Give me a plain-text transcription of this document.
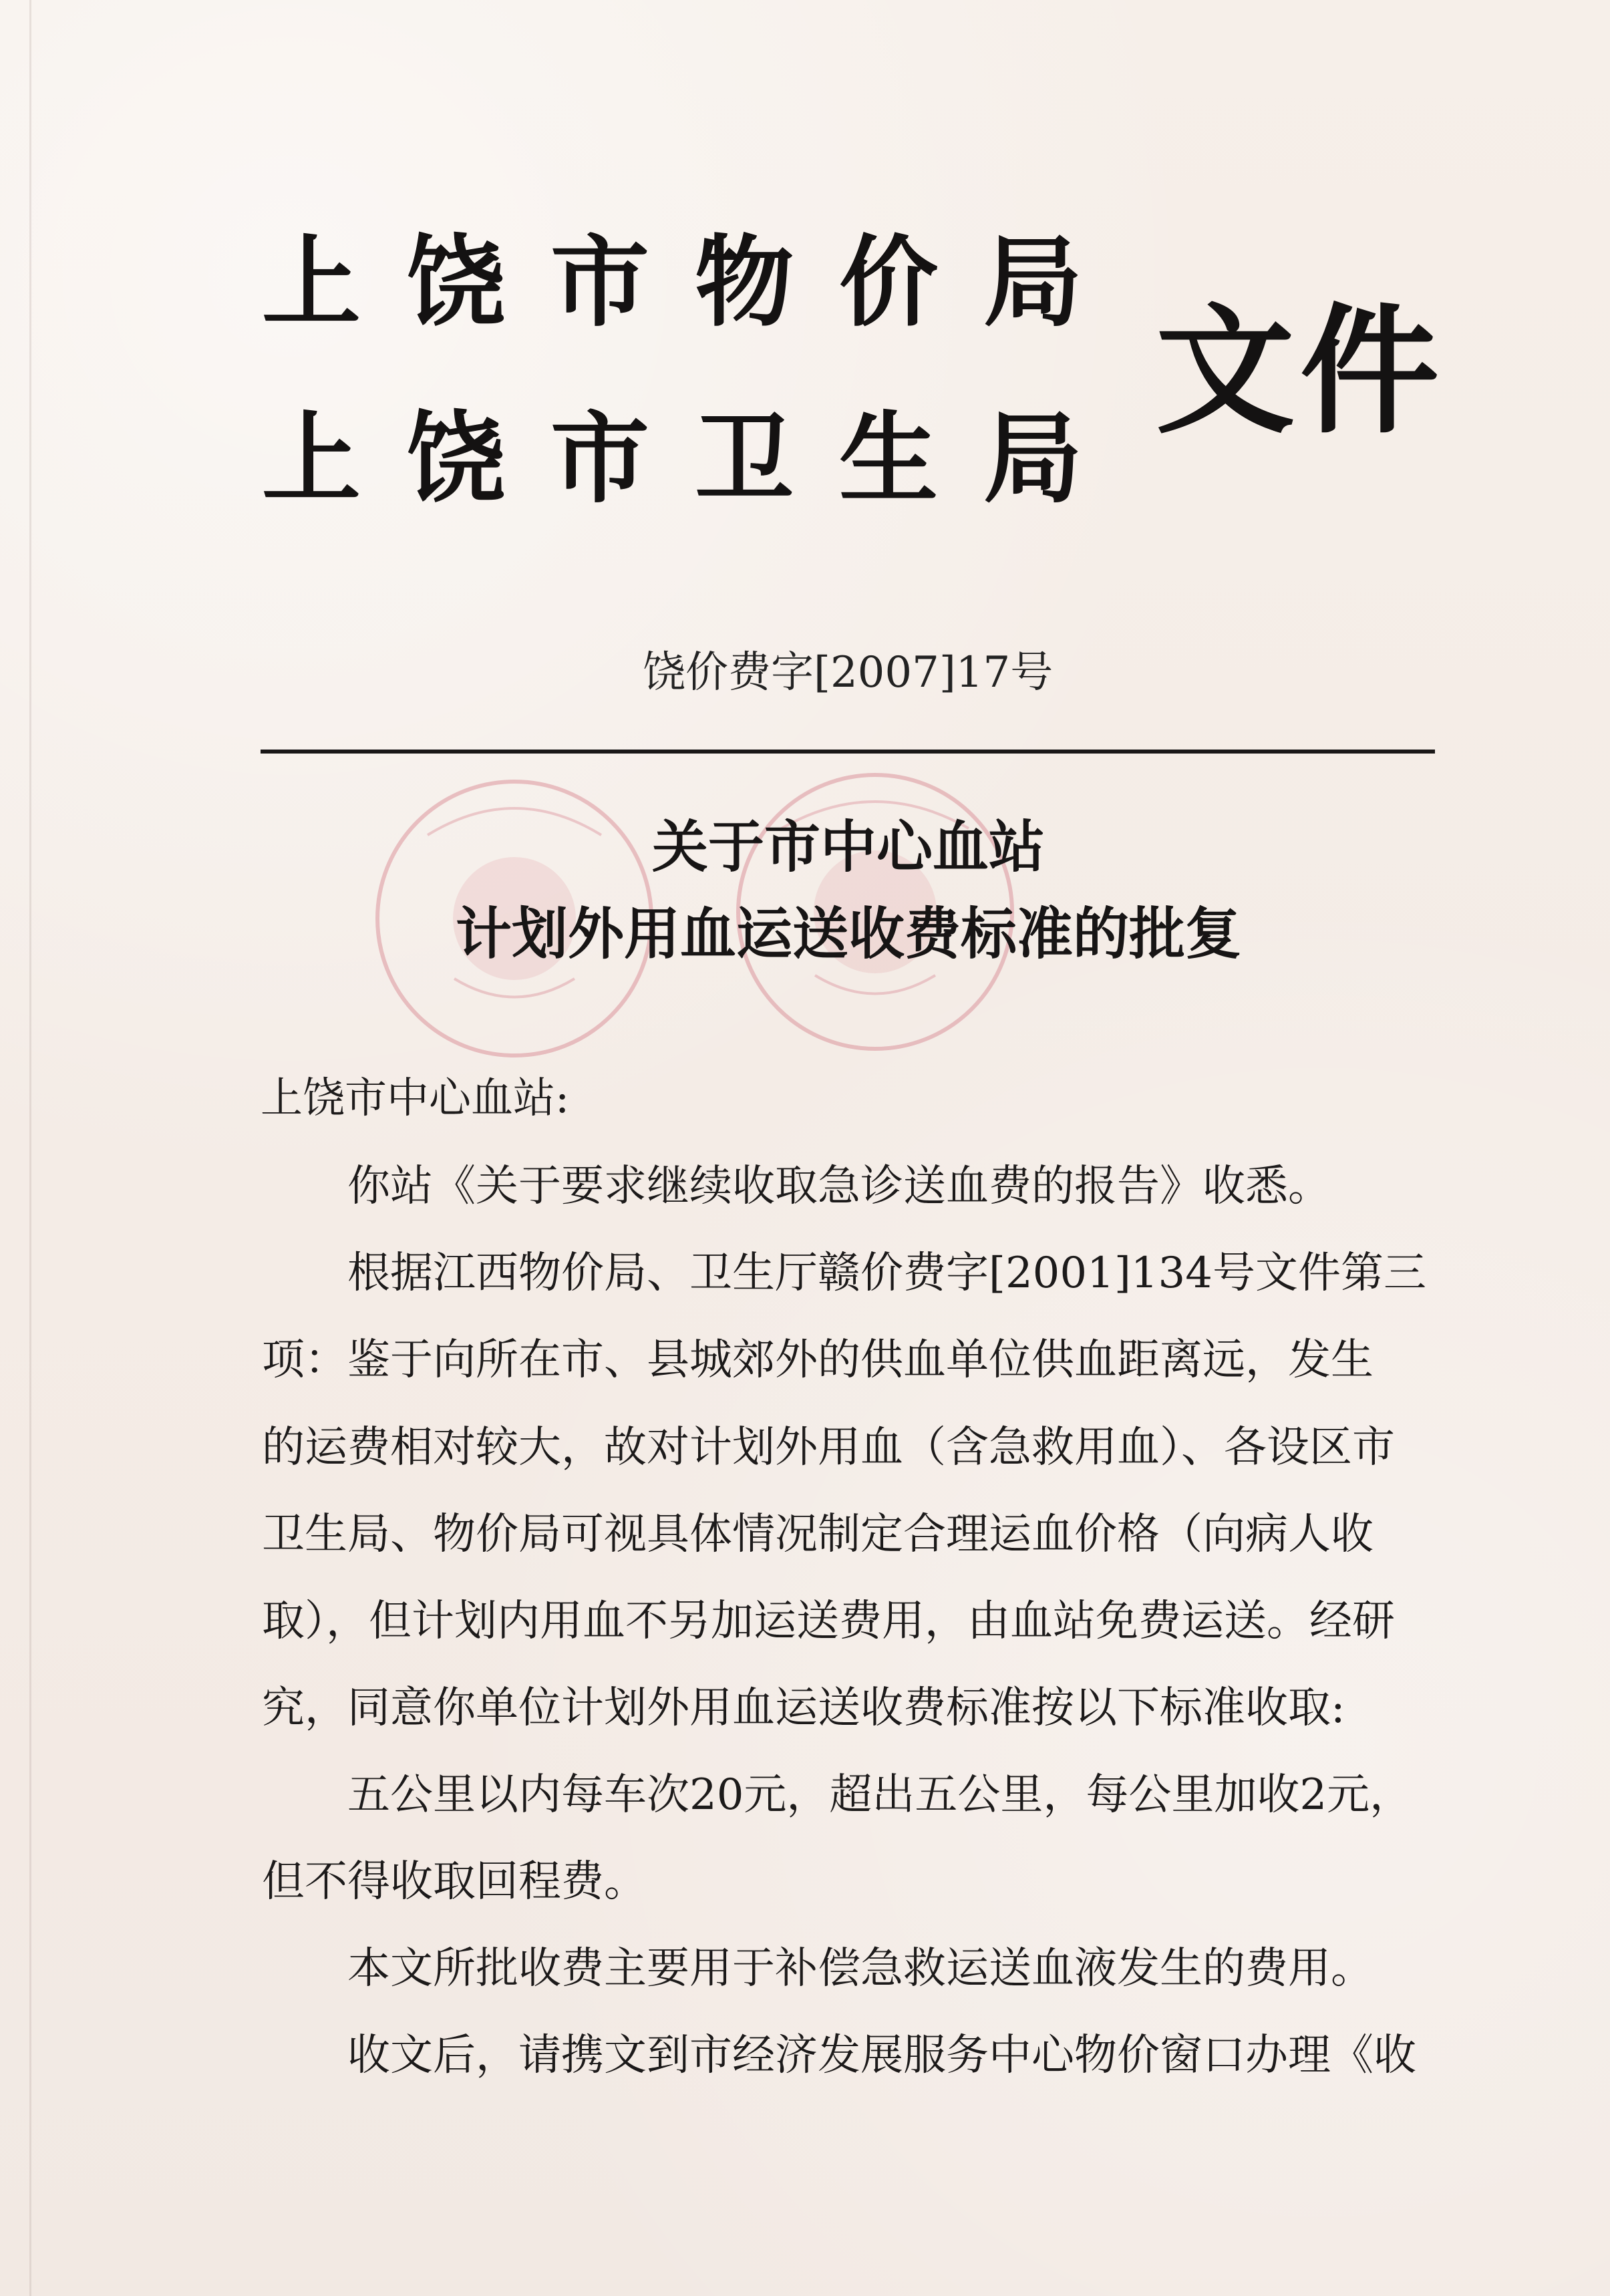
上饶市物价局
上饶市卫生局
文件
饶价费字[2007]17号
关于市中心血站
计划外用血运送收费标准的批复
上饶市中心血站:
你站《关于要求继续收取急诊送血费的报告》收悉。
根据江西物价局、卫生厅赣价费字[2001]134号文件第三
项：鉴于向所在市、县城郊外的供血单位供血距离远，发生
的运费相对较大，故对计划外用血（含急救用血）、各设区市
卫生局、物价局可视具体情况制定合理运血价格（向病人收
取），但计划内用血不另加运送费用，由血站免费运送。经研
究，同意你单位计划外用血运送收费标准按以下标准收取:
五公里以内每车次20元，超出五公里，每公里加收2元，
但不得收取回程费。
本文所批收费主要用于补偿急救运送血液发生的费用。
收文后，请携文到市经济发展服务中心物价窗口办理《收
